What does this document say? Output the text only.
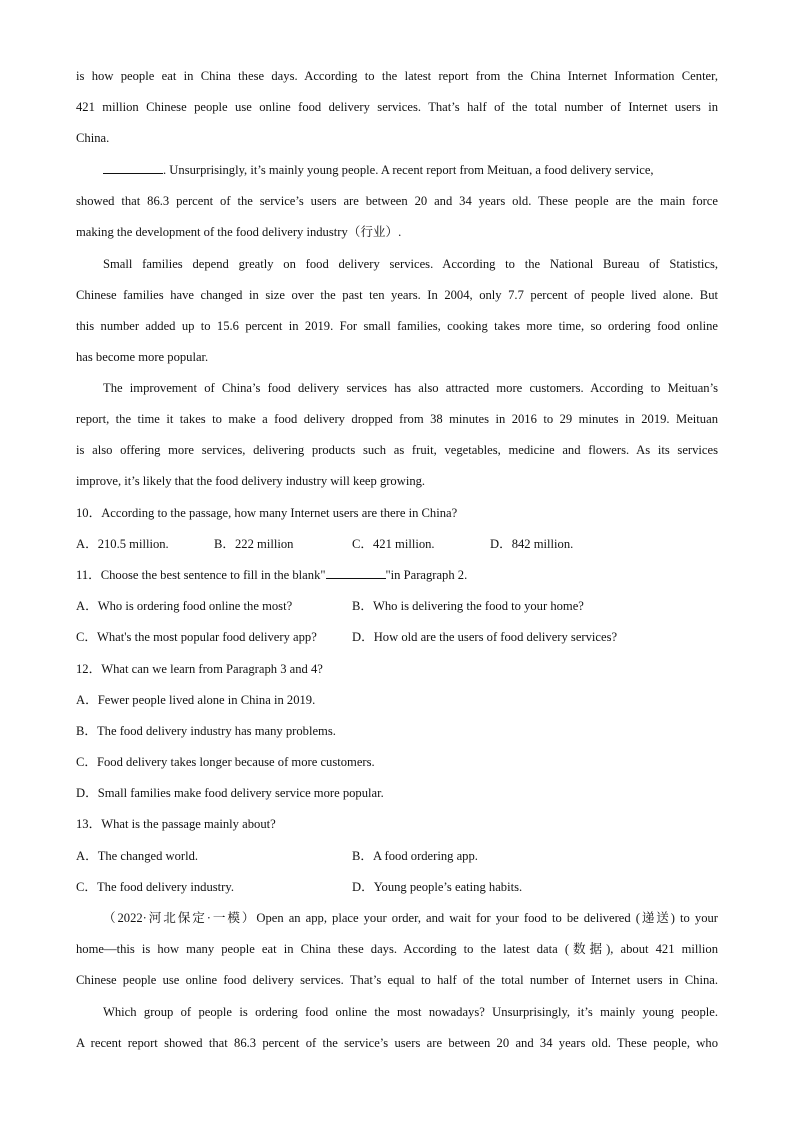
is how people eat in China these days. According to the latest report from the China Internet Information Center,
421 million Chinese people use online food delivery services. That’s half of the total number of Internet users in
China.
. Unsurprisingly, it’s mainly young people. A recent report from Meituan, a food delivery service,
showed that 86.3 percent of the service’s users are between 20 and 34 years old. These people are the main force
making the development of the food delivery industry（行业）.
Small families depend greatly on food delivery services. According to the National Bureau of Statistics,
Chinese families have changed in size over the past ten years. In 2004, only 7.7 percent of people lived alone. But
this number added up to 15.6 percent in 2019. For small families, cooking takes more time, so ordering food online
has become more popular.
The improvement of China’s food delivery services has also attracted more customers. According to Meituan’s
report, the time it takes to make a food delivery dropped from 38 minutes in 2016 to 29 minutes in 2019. Meituan
is also offering more services, delivering products such as fruit, vegetables, medicine and flowers. As its services
improve, it’s likely that the food delivery industry will keep growing.
10．According to the passage, how many Internet users are there in China?
A．210.5 million.	B．222 million	C．421 million.	D．842 million.
11．Choose the best sentence to fill in the blank"	"in Paragraph 2.
A．Who is ordering food online the most?	B．Who is delivering the food to your home?
C．What's the most popular food delivery app?	D．How old are the users of food delivery services?
12．What can we learn from Paragraph 3 and 4?
A．Fewer people lived alone in China in 2019.
B．The food delivery industry has many problems.
C．Food delivery takes longer because of more customers.
D．Small families make food delivery service more popular.
13．What is the passage mainly about?
A．The changed world.	B．A food ordering app.
C．The food delivery industry.	D．Young people’s eating habits.
（2022·河北保定·一模）Open an app, place your order, and wait for your food to be delivered (递送) to your
home—this is how many people eat in China these days. According to the latest data (数据), about 421 million
Chinese people use online food delivery services. That’s equal to half of the total number of Internet users in China.
Which group of people is ordering food online the most nowadays? Unsurprisingly, it’s mainly young people.
A recent report showed that 86.3 percent of the service’s users are between 20 and 34 years old. These people, who
